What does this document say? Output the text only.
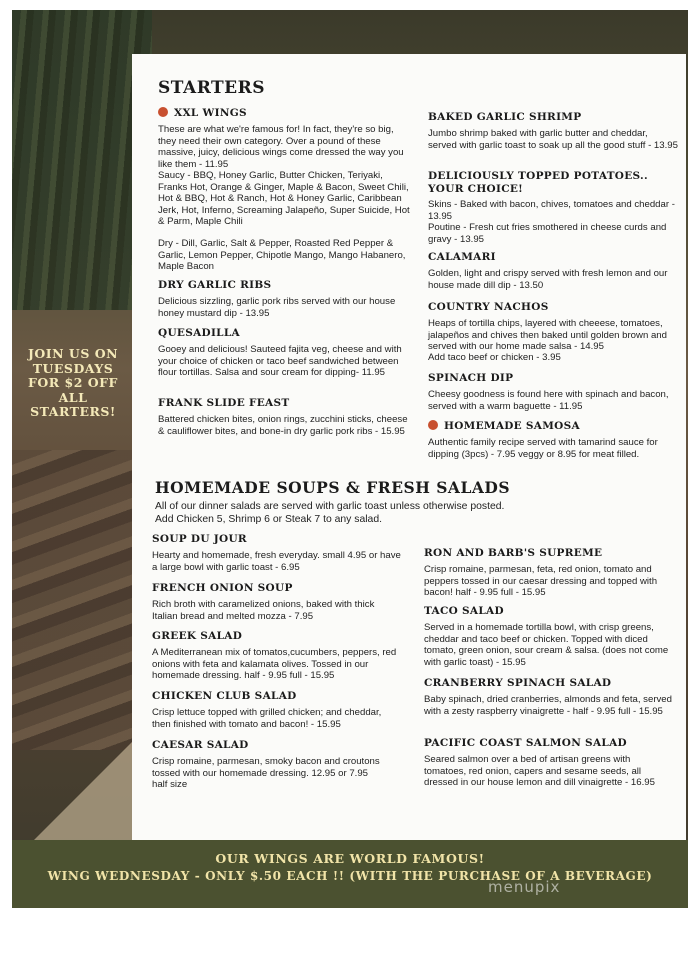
JOIN US ON TUESDAYS FOR $2 OFF ALL STARTERS!
STARTERS
XXL WINGS
These are what we're famous for! In fact, they're so big, they need their own category. Over a pound of these massive, juicy, delicious wings come dressed the way you like them - 11.95
Saucy - BBQ, Honey Garlic, Butter Chicken, Teriyaki, Franks Hot, Orange & Ginger, Maple & Bacon, Sweet Chili, Hot & BBQ, Hot & Ranch, Hot & Honey Garlic, Caribbean Jerk, Hot, Inferno, Screaming Jalapeño, Super Suicide, Hot & Parm, Maple Chili
Dry - Dill, Garlic, Salt & Pepper, Roasted Red Pepper & Garlic, Lemon Pepper, Chipotle Mango, Mango Habanero, Maple Bacon
DRY GARLIC RIBS
Delicious sizzling, garlic pork ribs served with our house honey mustard dip - 13.95
QUESADILLA
Gooey and delicious! Sauteed fajita veg, cheese and with your choice of chicken or taco beef sandwiched between flour tortillas. Salsa and sour cream for dipping- 11.95
FRANK SLIDE FEAST
Battered chicken bites, onion rings, zucchini sticks, cheese & cauliflower bites, and bone-in dry garlic pork ribs - 15.95
BAKED GARLIC SHRIMP
Jumbo shrimp baked with garlic butter and cheddar, served with garlic toast to soak up all the good stuff - 13.95
DELICIOUSLY TOPPED POTATOES.. YOUR CHOICE!
Skins - Baked with bacon, chives, tomatoes and cheddar - 13.95
Poutine - Fresh cut fries smothered in cheese curds and gravy - 13.95
CALAMARI
Golden, light and crispy served with fresh lemon and our house made dill dip - 13.50
COUNTRY NACHOS
Heaps of tortilla chips, layered with cheeese, tomatoes, jalapeños and chives then baked until golden brown and served with our home made salsa - 14.95
Add taco beef or chicken - 3.95
SPINACH DIP
Cheesy goodness is found here with spinach and bacon, served with a warm baguette - 11.95
HOMEMADE SAMOSA
Authentic family recipe served with tamarind sauce for dipping (3pcs) - 7.95 veggy or 8.95 for meat filled.
HOMEMADE SOUPS & FRESH SALADS
All of our dinner salads are served with garlic toast unless otherwise posted.
Add Chicken 5, Shrimp 6 or Steak 7 to any salad.
SOUP DU JOUR
Hearty and homemade, fresh everyday. small 4.95 or have a large bowl with garlic toast - 6.95
FRENCH ONION SOUP
Rich broth with caramelized onions, baked with thick Italian bread and melted mozza - 7.95
GREEK SALAD
A Mediterranean mix of tomatos,cucumbers, peppers, red onions with feta and kalamata olives. Tossed in our homemade dressing. half - 9.95 full - 15.95
CHICKEN CLUB SALAD
Crisp lettuce topped with grilled chicken; and cheddar, then finished with tomato and bacon! - 15.95
CAESAR SALAD
Crisp romaine, parmesan, smoky bacon and croutons tossed with our homemade dressing. 12.95 or 7.95 half size
RON AND BARB'S SUPREME
Crisp romaine, parmesan, feta, red onion, tomato and peppers tossed in our caesar dressing and topped with bacon! half - 9.95 full - 15.95
TACO SALAD
Served in a homemade tortilla bowl, with crisp greens, cheddar and taco beef or chicken. Topped with diced tomato, green onion, sour cream & salsa. (does not come with garlic toast) - 15.95
CRANBERRY SPINACH SALAD
Baby spinach, dried cranberries, almonds and feta, served with a zesty raspberry vinaigrette - half - 9.95 full - 15.95
PACIFIC COAST SALMON SALAD
Seared salmon over a bed of artisan greens with tomatoes, red onion, capers and sesame seeds, all dressed in our house lemon and dill vinaigrette - 16.95
OUR WINGS ARE WORLD FAMOUS!
WING WEDNESDAY - ONLY $.50 EACH !! (WITH THE PURCHASE OF A BEVERAGE)
menupix
